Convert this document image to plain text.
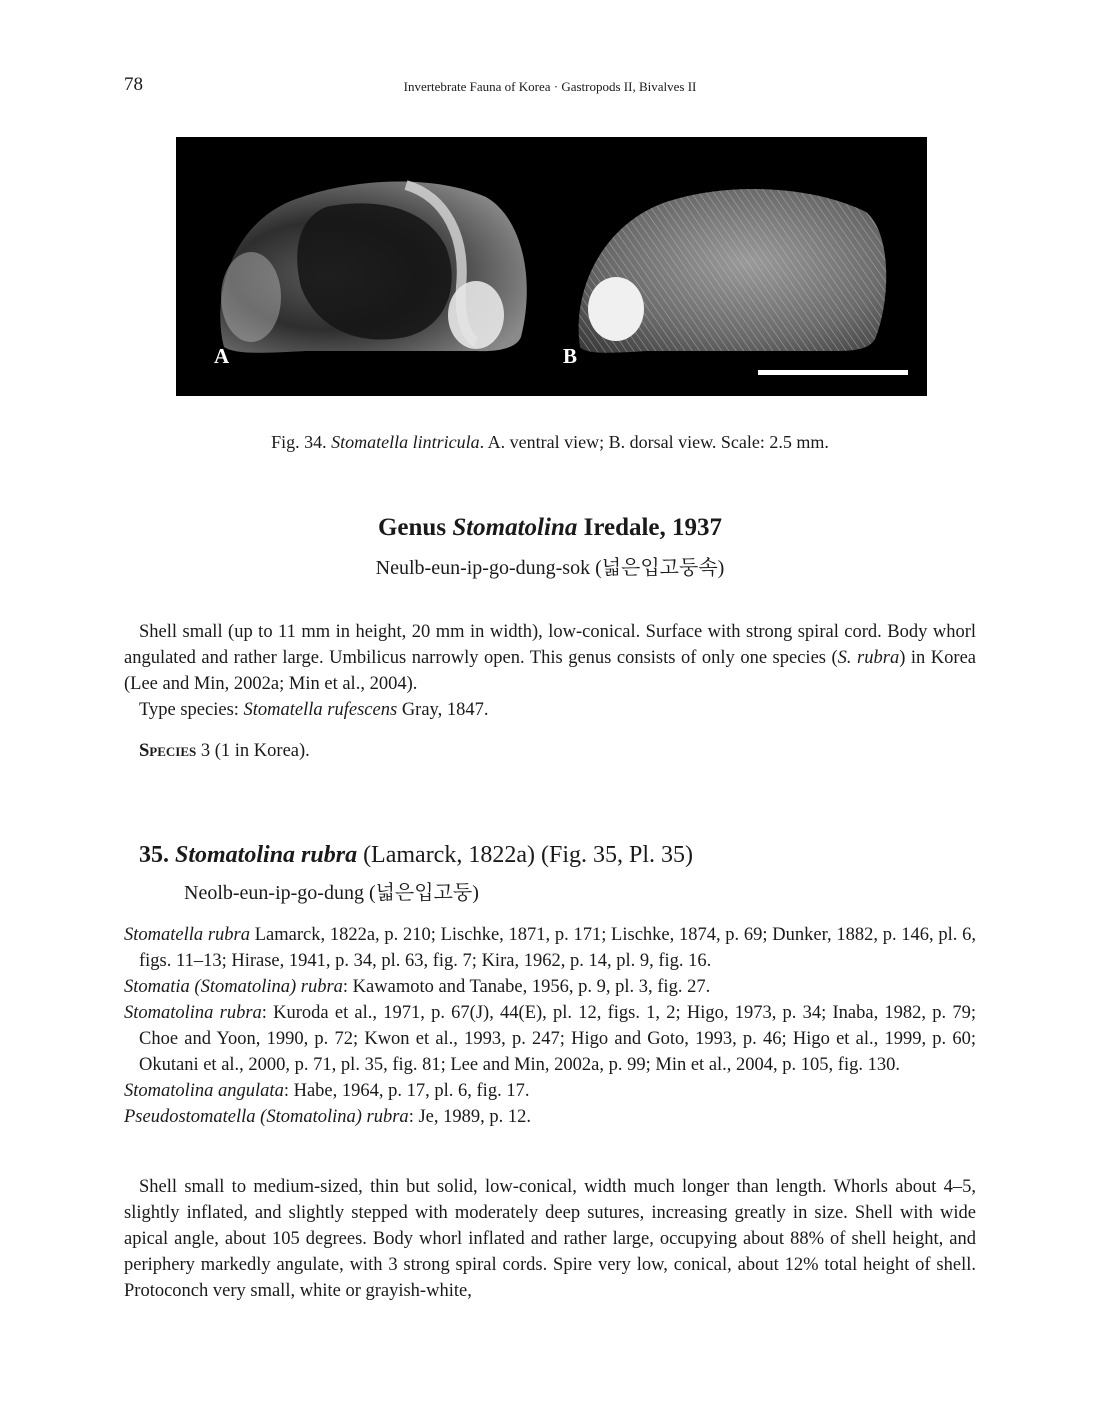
78	Invertebrate Fauna of Korea · Gastropods II, Bivalves II
A	B
Fig. 34. Stomatella lintricula. A. ventral view; B. dorsal view. Scale: 2.5 mm.
Genus Stomatolina Iredale, 1937
Neulb-eun-ip-go-dung-sok (넓은입고둥속)
Shell small (up to 11 mm in height, 20 mm in width), low-conical. Surface with strong spiral cord. Body whorl angulated and rather large. Umbilicus narrowly open. This genus consists of only one species (S. rubra) in Korea (Lee and Min, 2002a; Min et al., 2004).
Type species: Stomatella rufescens Gray, 1847.
Species 3 (1 in Korea).
35. Stomatolina rubra (Lamarck, 1822a) (Fig. 35, Pl. 35)
Neolb-eun-ip-go-dung (넓은입고둥)
Stomatella rubra Lamarck, 1822a, p. 210; Lischke, 1871, p. 171; Lischke, 1874, p. 69; Dunker, 1882, p. 146, pl. 6, figs. 11–13; Hirase, 1941, p. 34, pl. 63, fig. 7; Kira, 1962, p. 14, pl. 9, fig. 16.
Stomatia (Stomatolina) rubra: Kawamoto and Tanabe, 1956, p. 9, pl. 3, fig. 27.
Stomatolina rubra: Kuroda et al., 1971, p. 67(J), 44(E), pl. 12, figs. 1, 2; Higo, 1973, p. 34; Inaba, 1982, p. 79; Choe and Yoon, 1990, p. 72; Kwon et al., 1993, p. 247; Higo and Goto, 1993, p. 46; Higo et al., 1999, p. 60; Okutani et al., 2000, p. 71, pl. 35, fig. 81; Lee and Min, 2002a, p. 99; Min et al., 2004, p. 105, fig. 130.
Stomatolina angulata: Habe, 1964, p. 17, pl. 6, fig. 17.
Pseudostomatella (Stomatolina) rubra: Je, 1989, p. 12.
Shell small to medium-sized, thin but solid, low-conical, width much longer than length. Whorls about 4–5, slightly inflated, and slightly stepped with moderately deep sutures, increasing greatly in size. Shell with wide apical angle, about 105 degrees. Body whorl inflated and rather large, occupying about 88% of shell height, and periphery markedly angulate, with 3 strong spiral cords. Spire very low, conical, about 12% total height of shell. Protoconch very small, white or grayish-white,
